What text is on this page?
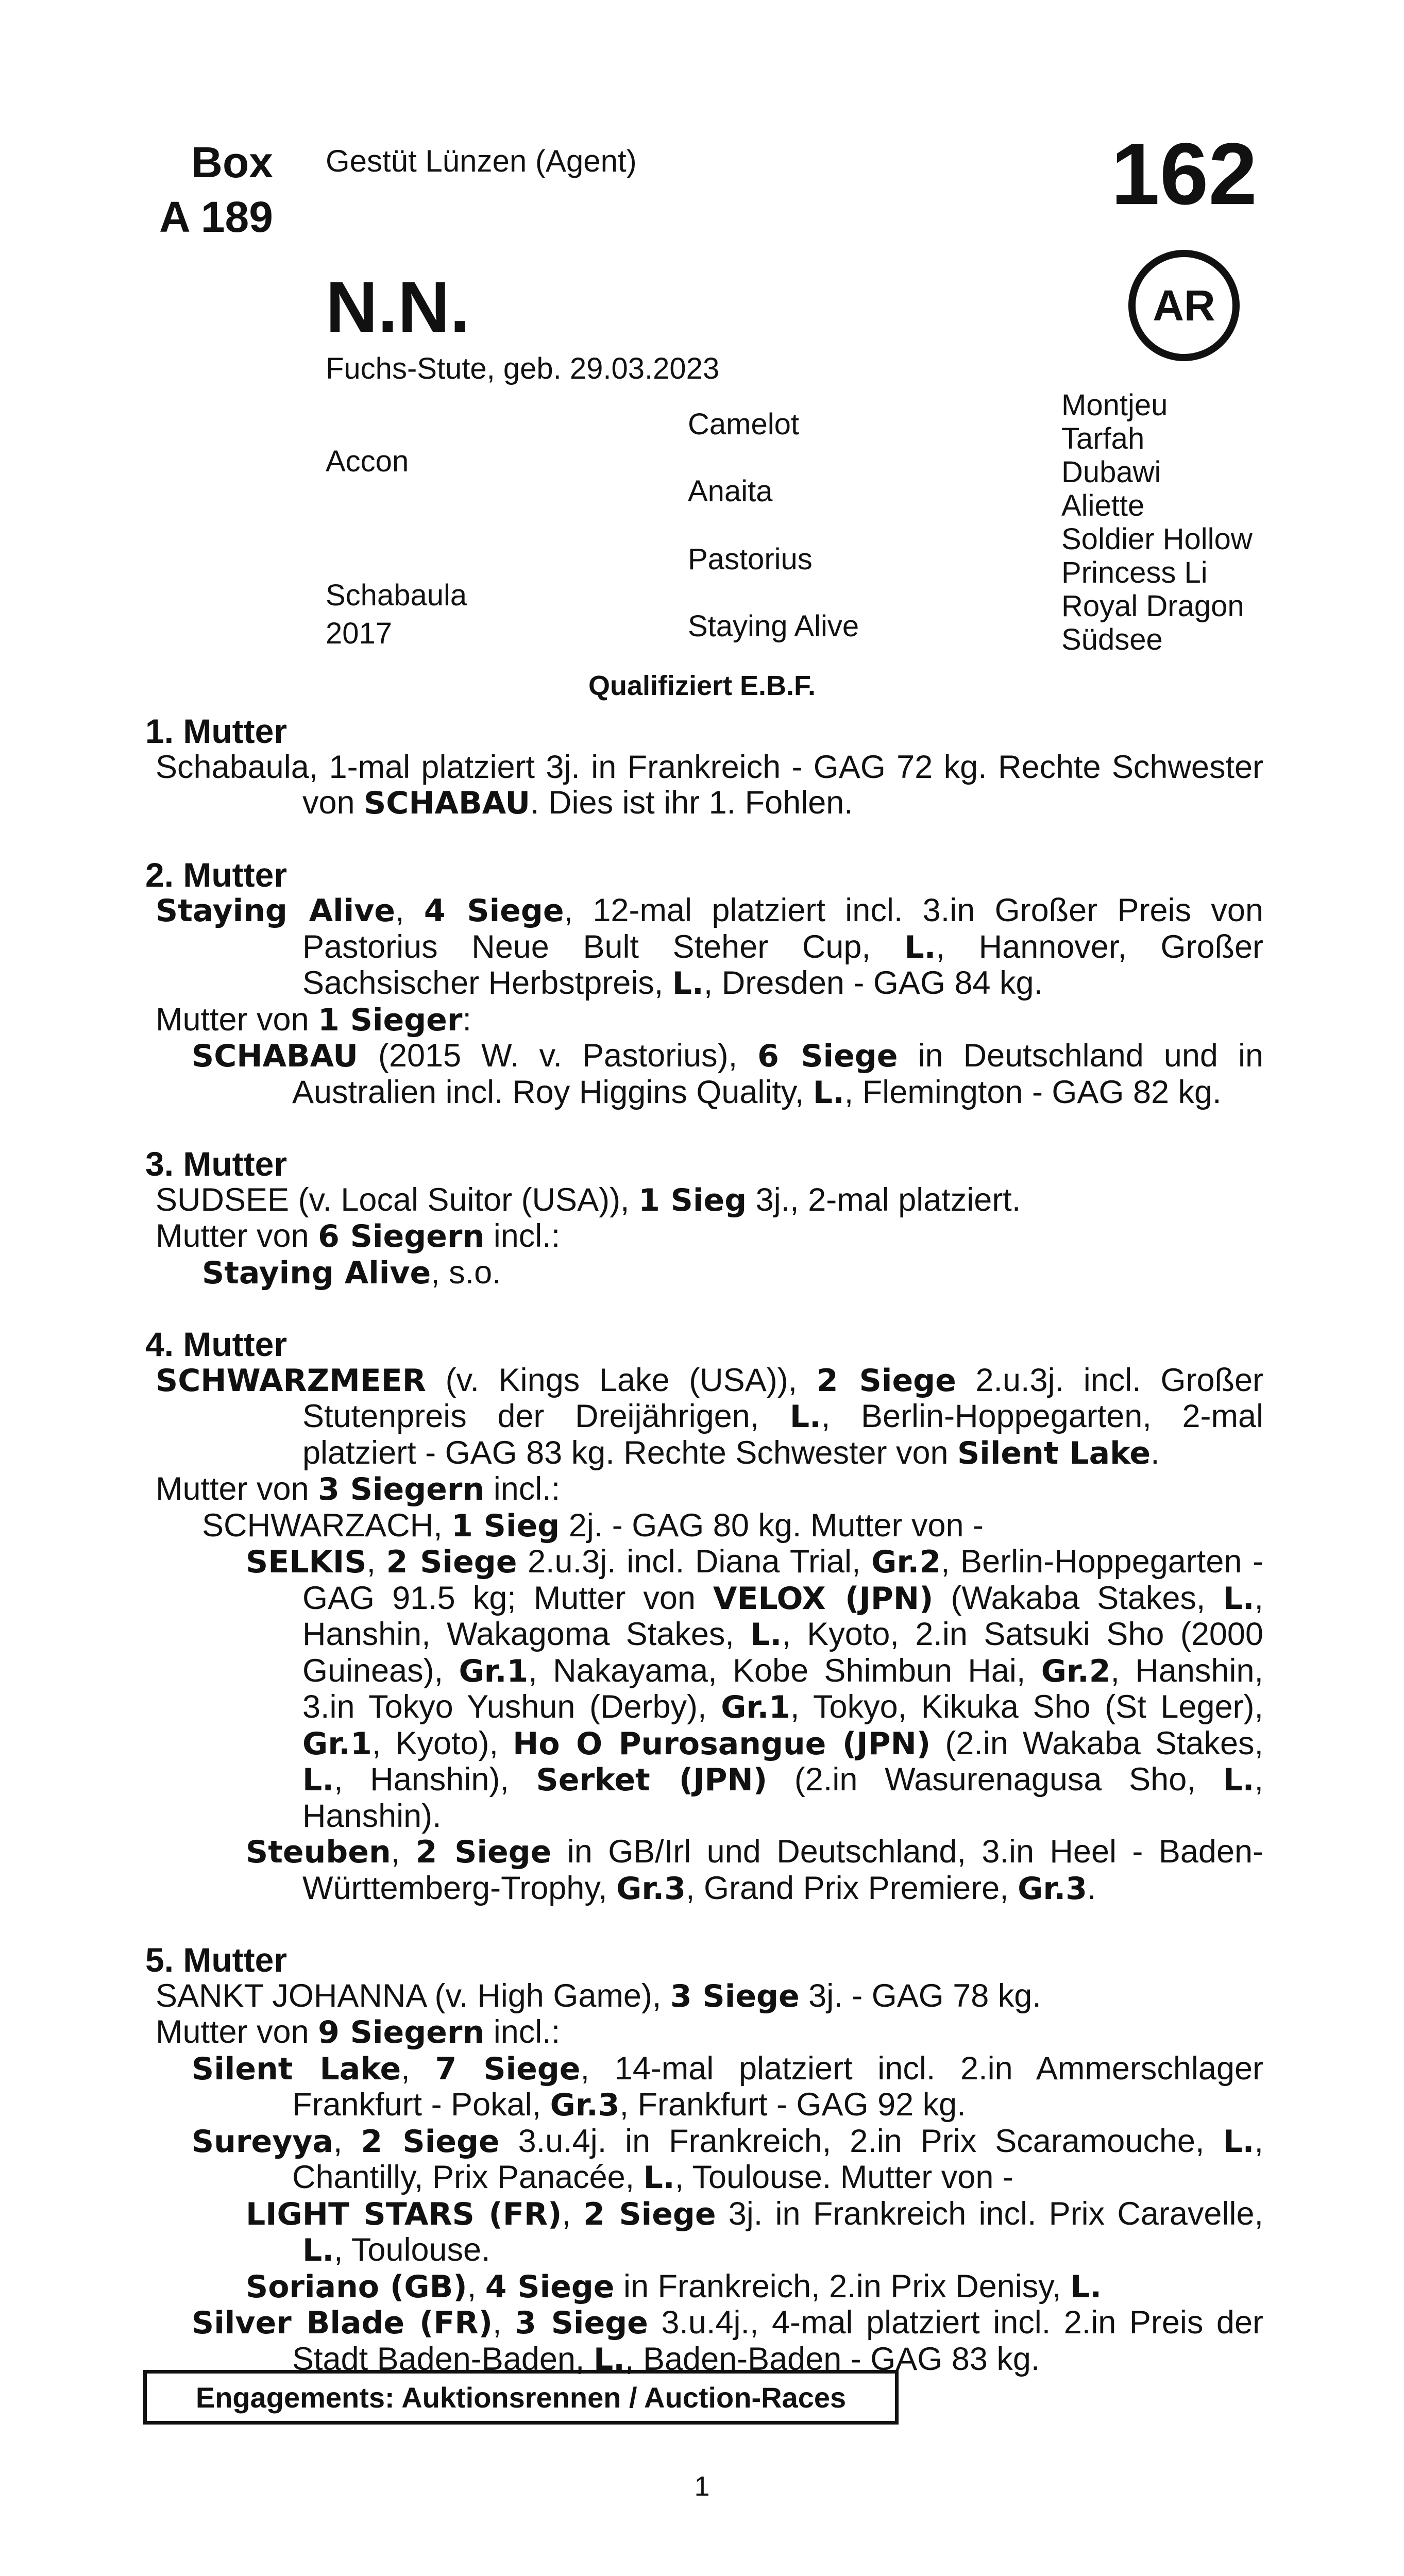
Box
A 189
Gestüt Lünzen (Agent)	162
AR
N.N.
Fuchs-Stute, geb. 29.03.2023
Accon
Schabaula
2017
Camelot
Anaita
Pastorius
Staying Alive
Montjeu
Tarfah
Dubawi
Aliette
Soldier Hollow
Princess Li
Royal Dragon
Südsee
Qualifiziert E.B.F.
1. Mutter
Schabaula, 1-mal platziert 3j. in Frankreich - GAG 72 kg. Rechte Schwester von SCHABAU. Dies ist ihr 1. Fohlen.
2. Mutter
Staying Alive, 4 Siege, 12-mal platziert incl. 3.in Großer Preis von Pastorius Neue Bult Steher Cup, L., Hannover, Großer Sachsischer Herbstpreis, L., Dresden - GAG 84 kg.
Mutter von 1 Sieger:
SCHABAU (2015 W. v. Pastorius), 6 Siege in Deutschland und in Australien incl. Roy Higgins Quality, L., Flemington - GAG 82 kg.
3. Mutter
SUDSEE (v. Local Suitor (USA)), 1 Sieg 3j., 2-mal platziert.
Mutter von 6 Siegern incl.:
Staying Alive, s.o.
4. Mutter
SCHWARZMEER (v. Kings Lake (USA)), 2 Siege 2.u.3j. incl. Großer Stutenpreis der Dreijährigen, L., Berlin-Hoppegarten, 2-mal platziert - GAG 83 kg. Rechte Schwester von Silent Lake.
Mutter von 3 Siegern incl.:
SCHWARZACH, 1 Sieg 2j. - GAG 80 kg. Mutter von -
SELKIS, 2 Siege 2.u.3j. incl. Diana Trial, Gr.2, Berlin-Hoppegarten - GAG 91.5 kg; Mutter von VELOX (JPN) (Wakaba Stakes, L., Hanshin, Wakagoma Stakes, L., Kyoto, 2.in Satsuki Sho (2000 Guineas), Gr.1, Nakayama, Kobe Shimbun Hai, Gr.2, Hanshin, 3.in Tokyo Yushun (Derby), Gr.1, Tokyo, Kikuka Sho (St Leger), Gr.1, Kyoto), Ho O Purosangue (JPN) (2.in Wakaba Stakes, L., Hanshin), Serket (JPN) (2.in Wasurenagusa Sho, L., Hanshin).
Steuben, 2 Siege in GB/Irl und Deutschland, 3.in Heel - Baden-Württemberg-Trophy, Gr.3, Grand Prix Premiere, Gr.3.
5. Mutter
SANKT JOHANNA (v. High Game), 3 Siege 3j. - GAG 78 kg.
Mutter von 9 Siegern incl.:
Silent Lake, 7 Siege, 14-mal platziert incl. 2.in Ammerschlager Frankfurt - Pokal, Gr.3, Frankfurt - GAG 92 kg.
Sureyya, 2 Siege 3.u.4j. in Frankreich, 2.in Prix Scaramouche, L., Chantilly, Prix Panacée, L., Toulouse. Mutter von -
LIGHT STARS (FR), 2 Siege 3j. in Frankreich incl. Prix Caravelle, L., Toulouse.
Soriano (GB), 4 Siege in Frankreich, 2.in Prix Denisy, L.
Silver Blade (FR), 3 Siege 3.u.4j., 4-mal platziert incl. 2.in Preis der Stadt Baden-Baden, L., Baden-Baden - GAG 83 kg.
Engagements: Auktionsrennen / Auction-Races
1
